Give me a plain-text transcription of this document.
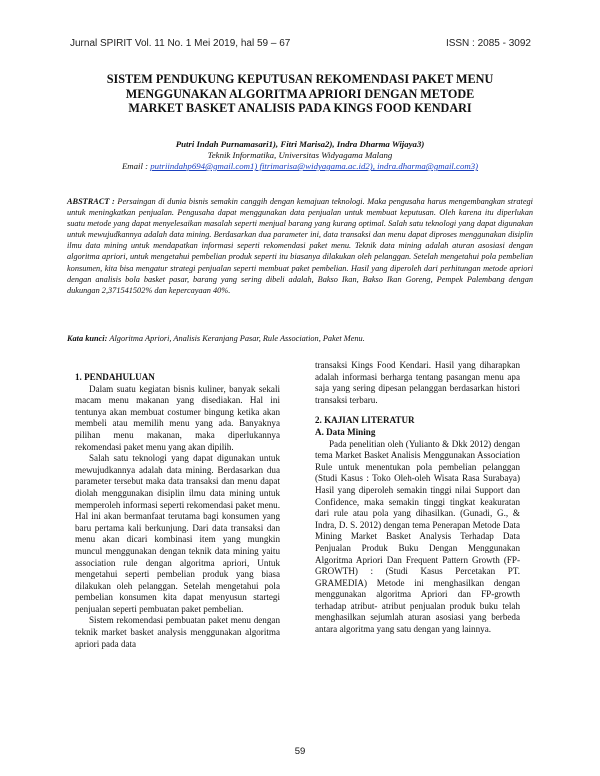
Jurnal SPIRIT Vol. 11 No. 1 Mei 2019, hal 59 – 67	ISSN : 2085 - 3092
SISTEM PENDUKUNG KEPUTUSAN REKOMENDASI PAKET MENU
MENGGUNAKAN ALGORITMA APRIORI DENGAN METODE
MARKET BASKET ANALISIS PADA KINGS FOOD KENDARI
Putri Indah Purnamasari1), Fitri Marisa2), Indra Dharma Wijaya3)
Teknik Informatika, Universitas Widyagama Malang
Email : putriindahp694@gmail.com1) fitrimarisa@widyagama.ac.id2), indra.dharma@gmail.com3)
ABSTRACT : Persaingan di dunia bisnis semakin canggih dengan kemajuan teknologi. Maka pengusaha harus mengembangkan strategi untuk meningkatkan penjualan. Pengusaha dapat menggunakan data penjualan untuk membuat keputusan. Oleh karena itu diperlukan suatu metode yang dapat menyelesaikan masalah seperti menjual barang yang kurang optimal. Salah satu teknologi yang dapat digunakan untuk mewujudkannya adalah data mining. Berdasarkan dua parameter ini, data transaksi dan menu dapat diproses menggunakan disiplin ilmu data mining untuk mendapatkan informasi seperti rekomendasi paket menu. Teknik data mining adalah aturan asosiasi dengan algoritma apriori, untuk mengetahui pembelian produk seperti itu biasanya dilakukan oleh pelanggan. Setelah mengetahui pola pembelian konsumen, kita bisa mengatur strategi penjualan seperti membuat paket pembelian. Hasil yang diperoleh dari perhitungan metode apriori dengan analisis bola basket pasar, barang yang sering dibeli adalah, Bakso Ikan, Bakso Ikan Goreng, Pempek Palembang dengan dukungan 2,371541502% dan kepercayaan 40%.
Kata kunci: Algoritma Apriori, Analisis Keranjang Pasar, Rule Association, Paket Menu.
1. PENDAHULUAN

Dalam suatu kegiatan bisnis kuliner, banyak sekali macam menu makanan yang disediakan. Hal ini tentunya akan membuat costumer bingung ketika akan membeli atau memilih menu yang ada. Banyaknya pilihan menu makanan, maka diperlukannya rekomendasi paket menu yang akan dipilih.

Salah satu teknologi yang dapat digunakan untuk mewujudkannya adalah data mining. Berdasarkan dua parameter tersebut maka data transaksi dan menu dapat diolah menggunakan disiplin ilmu data mining untuk memperoleh informasi seperti rekomendasi paket menu. Hal ini akan bermanfaat terutama bagi konsumen yang baru pertama kali berkunjung. Dari data transaksi dan menu akan dicari kombinasi item yang mungkin muncul menggunakan dengan teknik data mining yaitu association rule dengan algoritma apriori, Untuk mengetahui seperti pembelian produk yang biasa dilakukan oleh pelanggan. Setelah mengetahui pola pembelian konsumen kita dapat menyusun startegi penjualan seperti pembuatan paket pembelian.

Sistem rekomendasi pembuatan paket menu dengan teknik market basket analysis menggunakan algoritma apriori pada data

transaksi Kings Food Kendari. Hasil yang diharapkan adalah informasi berharga tentang pasangan menu apa saja yang sering dipesan pelanggan berdasarkan histori transaksi terbaru.

2. KAJIAN LITERATUR
A. Data Mining

Pada penelitian oleh (Yulianto & Dkk 2012) dengan tema Market Basket Analisis Menggunakan Association Rule untuk menentukan pola pembelian pelanggan (Studi Kasus : Toko Oleh-oleh Wisata Rasa Surabaya) Hasil yang diperoleh semakin tinggi nilai Support dan Confidence, maka semakin tinggi tingkat keakuratan dari rule atau pola yang dihasilkan. (Gunadi, G., & Indra, D. S. 2012) dengan tema Penerapan Metode Data Mining Market Basket Analysis Terhadap Data Penjualan Produk Buku Dengan Menggunakan Algoritma Apriori Dan Frequent Pattern Growth (FP-GROWTH) : (Studi Kasus Percetakan PT. GRAMEDIA) Metode ini menghasilkan dengan menggunakan algoritma Apriori dan FP-growth terhadap atribut- atribut penjualan produk buku telah menghasilkan sejumlah aturan asosiasi yang berbeda antara algoritma yang satu dengan yang lainnya.

59
